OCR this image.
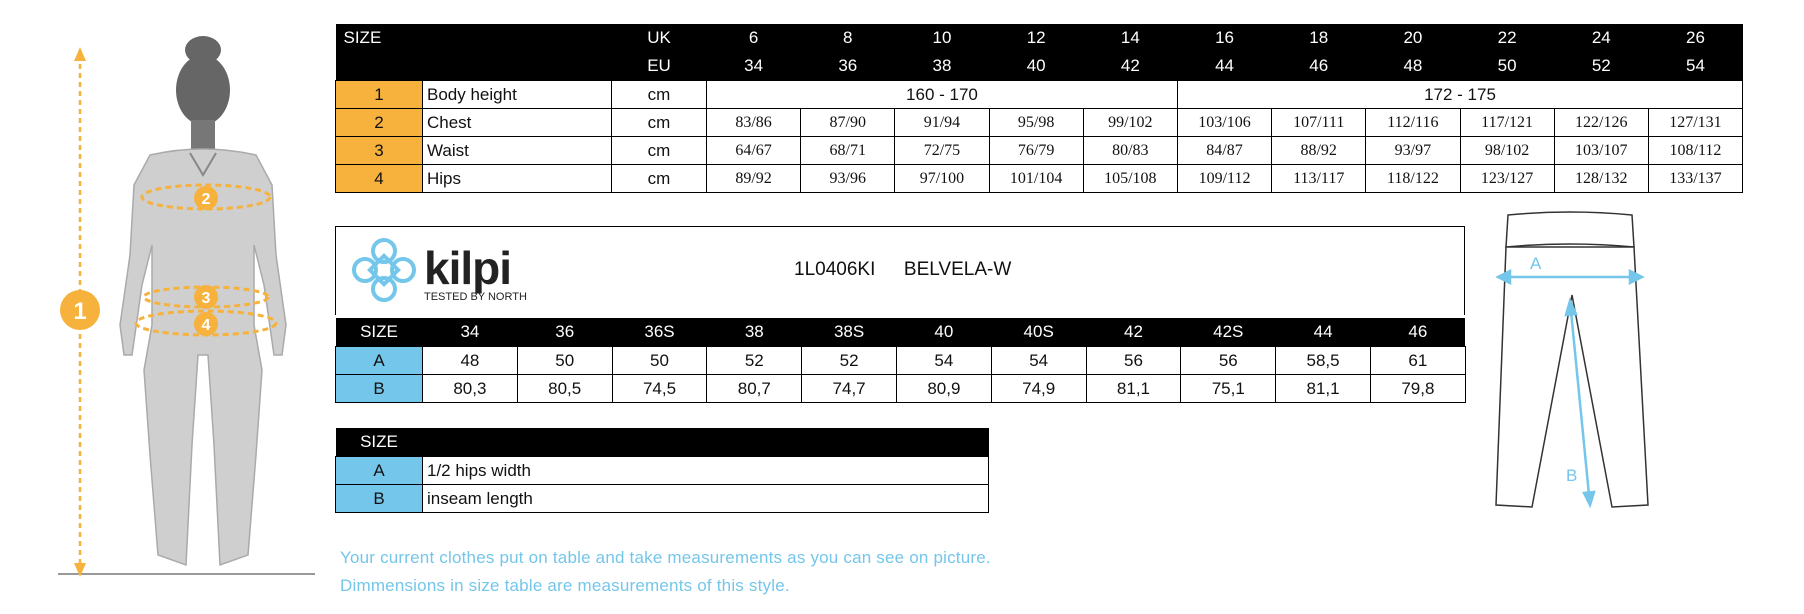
1
2
3
4
SIZE		UK	6	8	10	12	14	16	18	20	22	24	26
		EU	34	36	38	40	42	44	46	48	50	52	54
1	Body height	cm	160 - 170					172 - 175					
2	Chest	cm	83/86	87/90	91/94	95/98	99/102	103/106	107/111	112/116	117/121	122/126	127/131
3	Waist	cm	64/67	68/71	72/75	76/79	80/83	84/87	88/92	93/97	98/102	103/107	108/112
4	Hips	cm	89/92	93/96	97/100	101/104	105/108	109/112	113/117	118/122	123/127	128/132	133/137
kilpi
TESTED BY NORTH
1L0406KI BELVELA-W
SIZE	34	36	36S	38	38S	40	40S	42	42S	44	46
A	48	50	50	52	52	54	54	56	56	58,5	61
B	80,3	80,5	74,5	80,7	74,7	80,9	74,9	81,1	75,1	81,1	79,8
SIZE	
A	1/2 hips width
B	inseam length
Your current clothes put on table and take measurements as you can see on picture.
Dimmensions in size table are measurements of this style.
A
B
